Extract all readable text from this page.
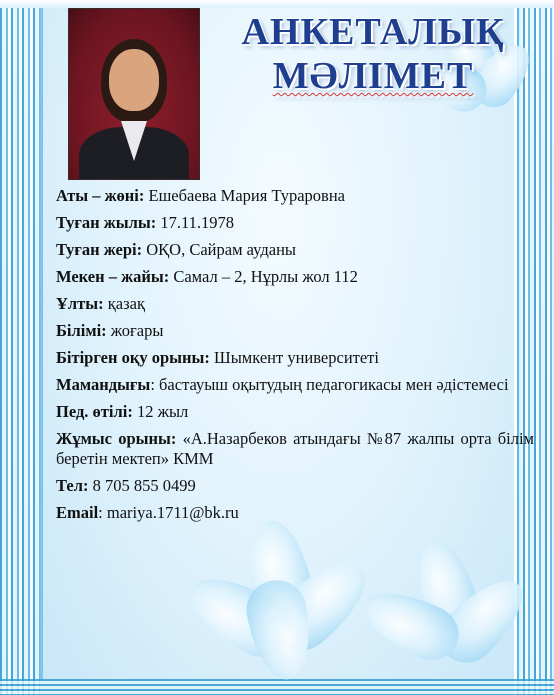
АНКЕТАЛЫҚ
МӘЛІМЕТ
Аты – жөні: Ешебаева Мария Тураровна
Туған жылы: 17.11.1978
Туған жері: ОҚО, Сайрам ауданы
Мекен – жайы: Самал – 2, Нұрлы жол 112
Ұлты: қазақ
Білімі: жоғары
Бітірген оқу орыны: Шымкент университеті
Мамандығы: бастауыш оқытудың педагогикасы мен әдістемесі
Пед. өтілі: 12 жыл
Жұмыс орыны: «А.Назарбеков атындағы №87 жалпы орта білім беретін мектеп» КММ
Тел: 8 705 855 0499
Email: mariya.1711@bk.ru
